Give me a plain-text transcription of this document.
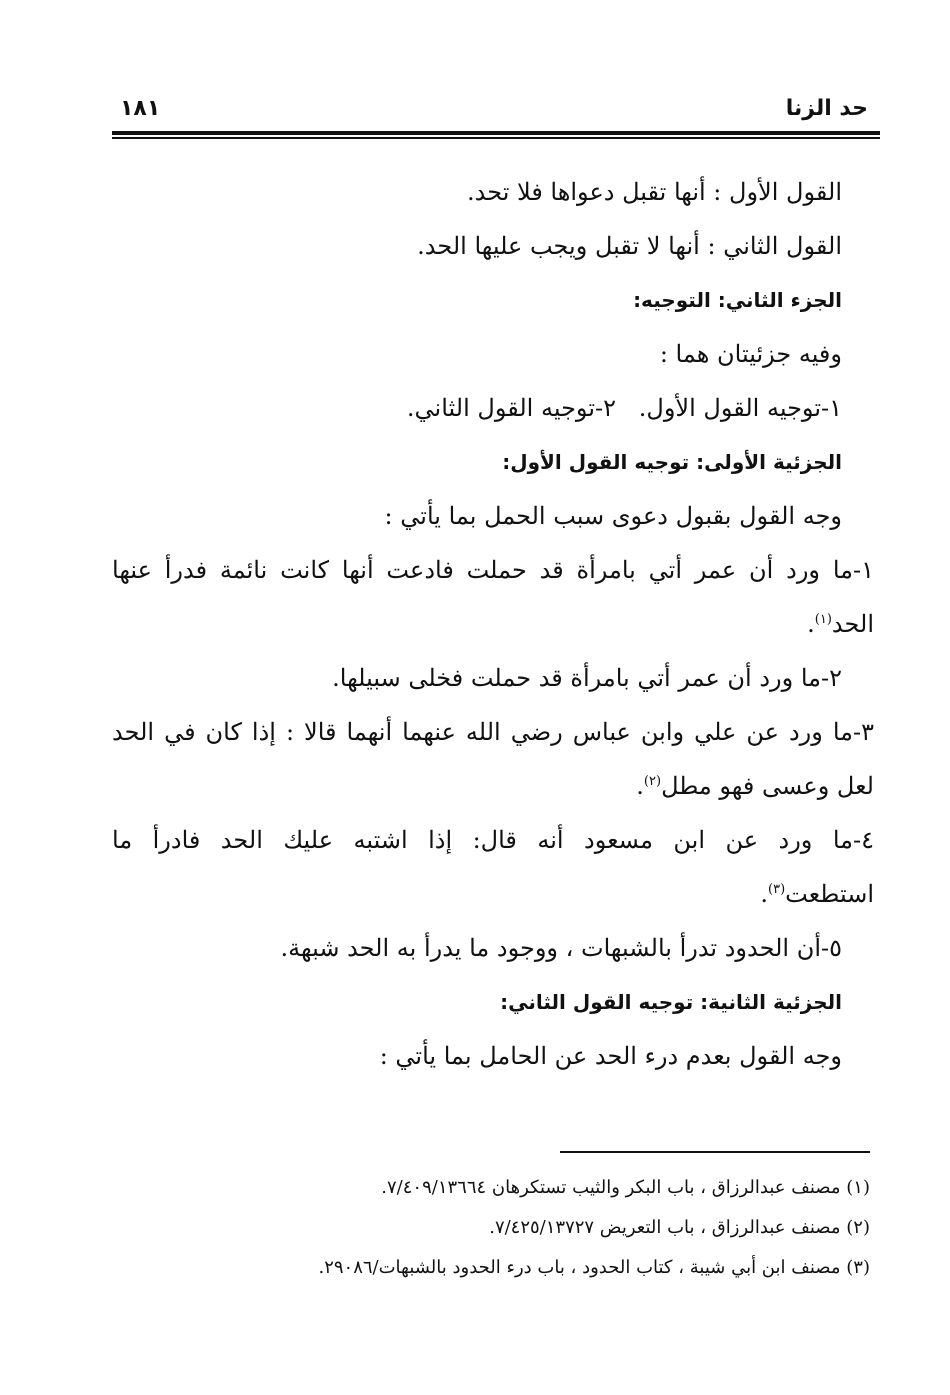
حد الزنا
١٨١
القول الأول : أنها تقبل دعواها فلا تحد.
القول الثاني : أنها لا تقبل ويجب عليها الحد.
الجزء الثاني: التوجيه:
وفيه جزئيتان هما :
١-توجيه القول الأول.
٢-توجيه القول الثاني.
الجزئية الأولى: توجيه القول الأول:
وجه القول بقبول دعوى سبب الحمل بما يأتي :
١-ما ورد أن عمر أتي بامرأة قد حملت فادعت أنها كانت نائمة فدرأ عنها
الحد$^{(١)}$.
٢-ما ورد أن عمر أتي بامرأة قد حملت فخلى سبيلها.
٣-ما ورد عن علي وابن عباس رضي الله عنهما أنهما قالا : إذا كان في الحد
لعل وعسى فهو مطل$^{(٢)}$.
٤-ما ورد عن ابن مسعود أنه قال: إذا اشتبه عليك الحد فادرأ ما
استطعت$^{(٣)}$.
٥-أن الحدود تدرأ بالشبهات ، ووجود ما يدرأ به الحد شبهة.
الجزئية الثانية: توجيه القول الثاني:
وجه القول بعدم درء الحد عن الحامل بما يأتي :
(١) مصنف عبدالرزاق ، باب البكر والثيب تستكرهان ٧/٤٠٩/١٣٦٦٤.
(٢) مصنف عبدالرزاق ، باب التعريض ٧/٤٢٥/١٣٧٢٧.
(٣) مصنف ابن أبي شيبة ، كتاب الحدود ، باب درء الحدود بالشبهات/٢٩٠٨٦.
